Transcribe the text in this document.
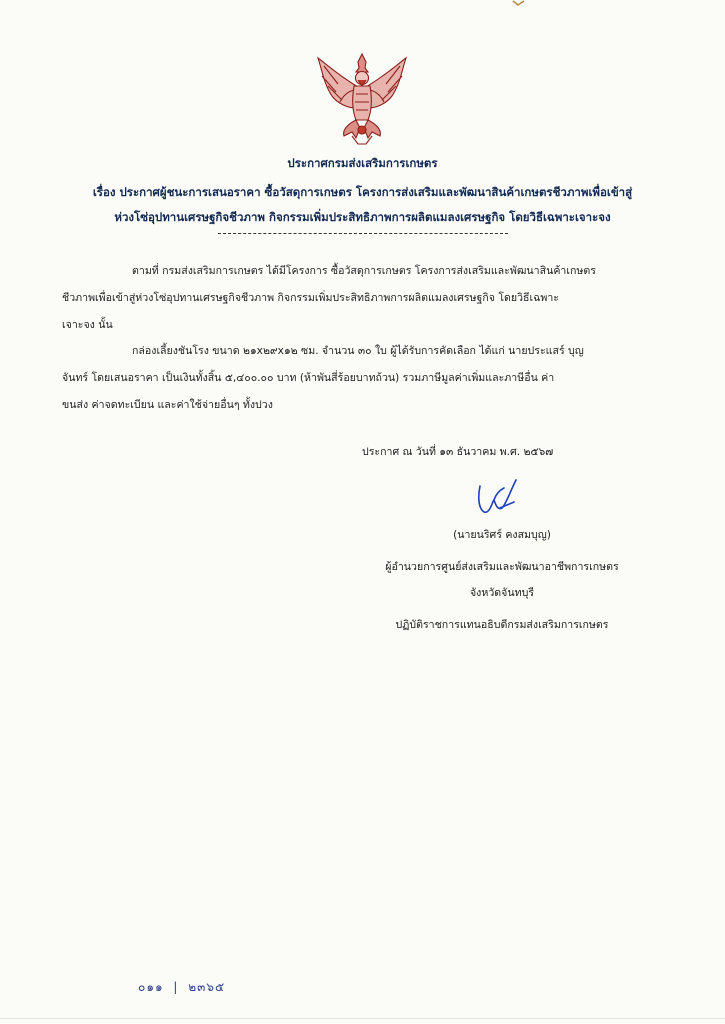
ประกาศกรมส่งเสริมการเกษตร

เรื่อง ประกาศผู้ชนะการเสนอราคา ซื้อวัสดุการเกษตร โครงการส่งเสริมและพัฒนาสินค้าเกษตรชีวภาพเพื่อเข้าสู่

ห่วงโซ่อุปทานเศรษฐกิจชีวภาพ กิจกรรมเพิ่มประสิทธิภาพการผลิตแมลงเศรษฐกิจ โดยวิธีเฉพาะเจาะจง

ตามที่ กรมส่งเสริมการเกษตร ได้มีโครงการ ซื้อวัสดุการเกษตร โครงการส่งเสริมและพัฒนาสินค้าเกษตร

ชีวภาพเพื่อเข้าสู่ห่วงโซ่อุปทานเศรษฐกิจชีวภาพ กิจกรรมเพิ่มประสิทธิภาพการผลิตแมลงเศรษฐกิจ โดยวิธีเฉพาะ

เจาะจง นั้น

กล่องเลี้ยงชันโรง ขนาด ๒๑x๒๙x๑๒ ซม. จำนวน ๓๐ ใบ ผู้ได้รับการคัดเลือก ได้แก่ นายประแสร์ บุญ

จันทร์ โดยเสนอราคา เป็นเงินทั้งสิ้น ๕,๔๐๐.๐๐ บาท (ห้าพันสี่ร้อยบาทถ้วน) รวมภาษีมูลค่าเพิ่มและภาษีอื่น ค่า

ขนส่ง ค่าจดทะเบียน และค่าใช้จ่ายอื่นๆ ทั้งปวง

ประกาศ ณ วันที่ ๑๓ ธันวาคม พ.ศ. ๒๕๖๗

(นายนริศร์ คงสมบุญ)

ผู้อำนวยการศูนย์ส่งเสริมและพัฒนาอาชีพการเกษตร

จังหวัดจันทบุรี

ปฏิบัติราชการแทนอธิบดีกรมส่งเสริมการเกษตร

๐๑๑ | ๒๓๖๕
